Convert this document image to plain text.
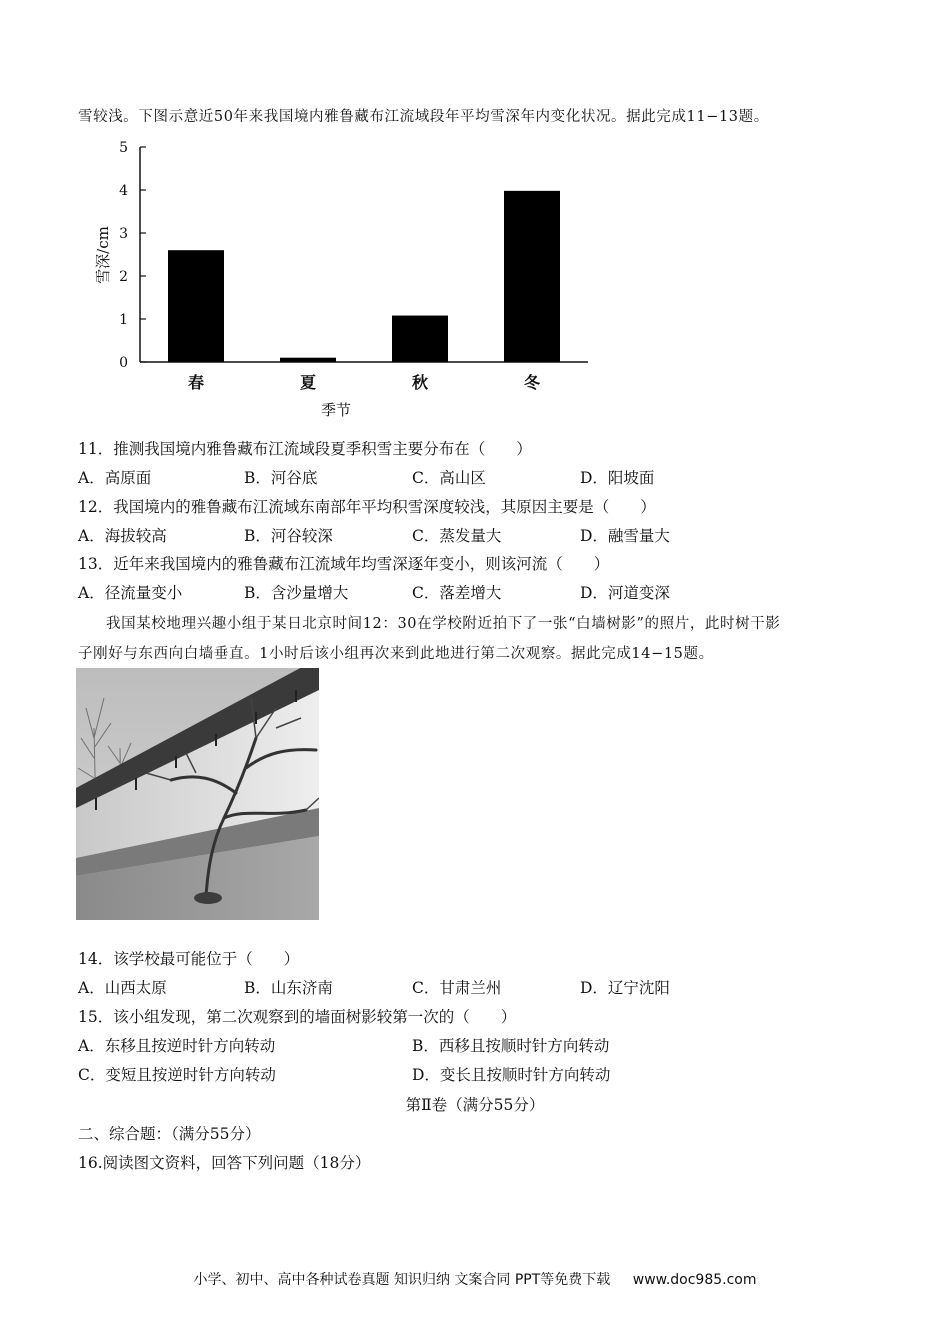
雪较浅。下图示意近50年来我国境内雅鲁藏布江流域段年平均雪深年内变化状况。据此完成11−13题。
0
1
2
3
4
5
春	夏	秋	冬
雪深/cm
季节
11．推测我国境内雅鲁藏布江流域段夏季积雪主要分布在（　　）
A．高原面	B．河谷底	C．高山区	D．阳坡面
12．我国境内的雅鲁藏布江流域东南部年平均积雪深度较浅，其原因主要是（　　）
A．海拔较高	B．河谷较深	C．蒸发量大	D．融雪量大
13．近年来我国境内的雅鲁藏布江流域年均雪深逐年变小，则该河流（　　）
A．径流量变小	B．含沙量增大	C．落差增大	D．河道变深
我国某校地理兴趣小组于某日北京时间12：30在学校附近拍下了一张“白墙树影”的照片，此时树干影
子刚好与东西向白墙垂直。1小时后该小组再次来到此地进行第二次观察。据此完成14−15题。
14．该学校最可能位于（　　）
A．山西太原	B．山东济南	C．甘肃兰州	D．辽宁沈阳
15．该小组发现，第二次观察到的墙面树影较第一次的（　　）
A．东移且按逆时针方向转动	B．西移且按顺时针方向转动
C．变短且按逆时针方向转动	D．变长且按顺时针方向转动
第Ⅱ卷（满分55分）
二、综合题：（满分55分）
16.阅读图文资料，回答下列问题（18分）
小学、初中、高中各种试卷真题 知识归纳 文案合同 PPT等免费下载 www.doc985.com
